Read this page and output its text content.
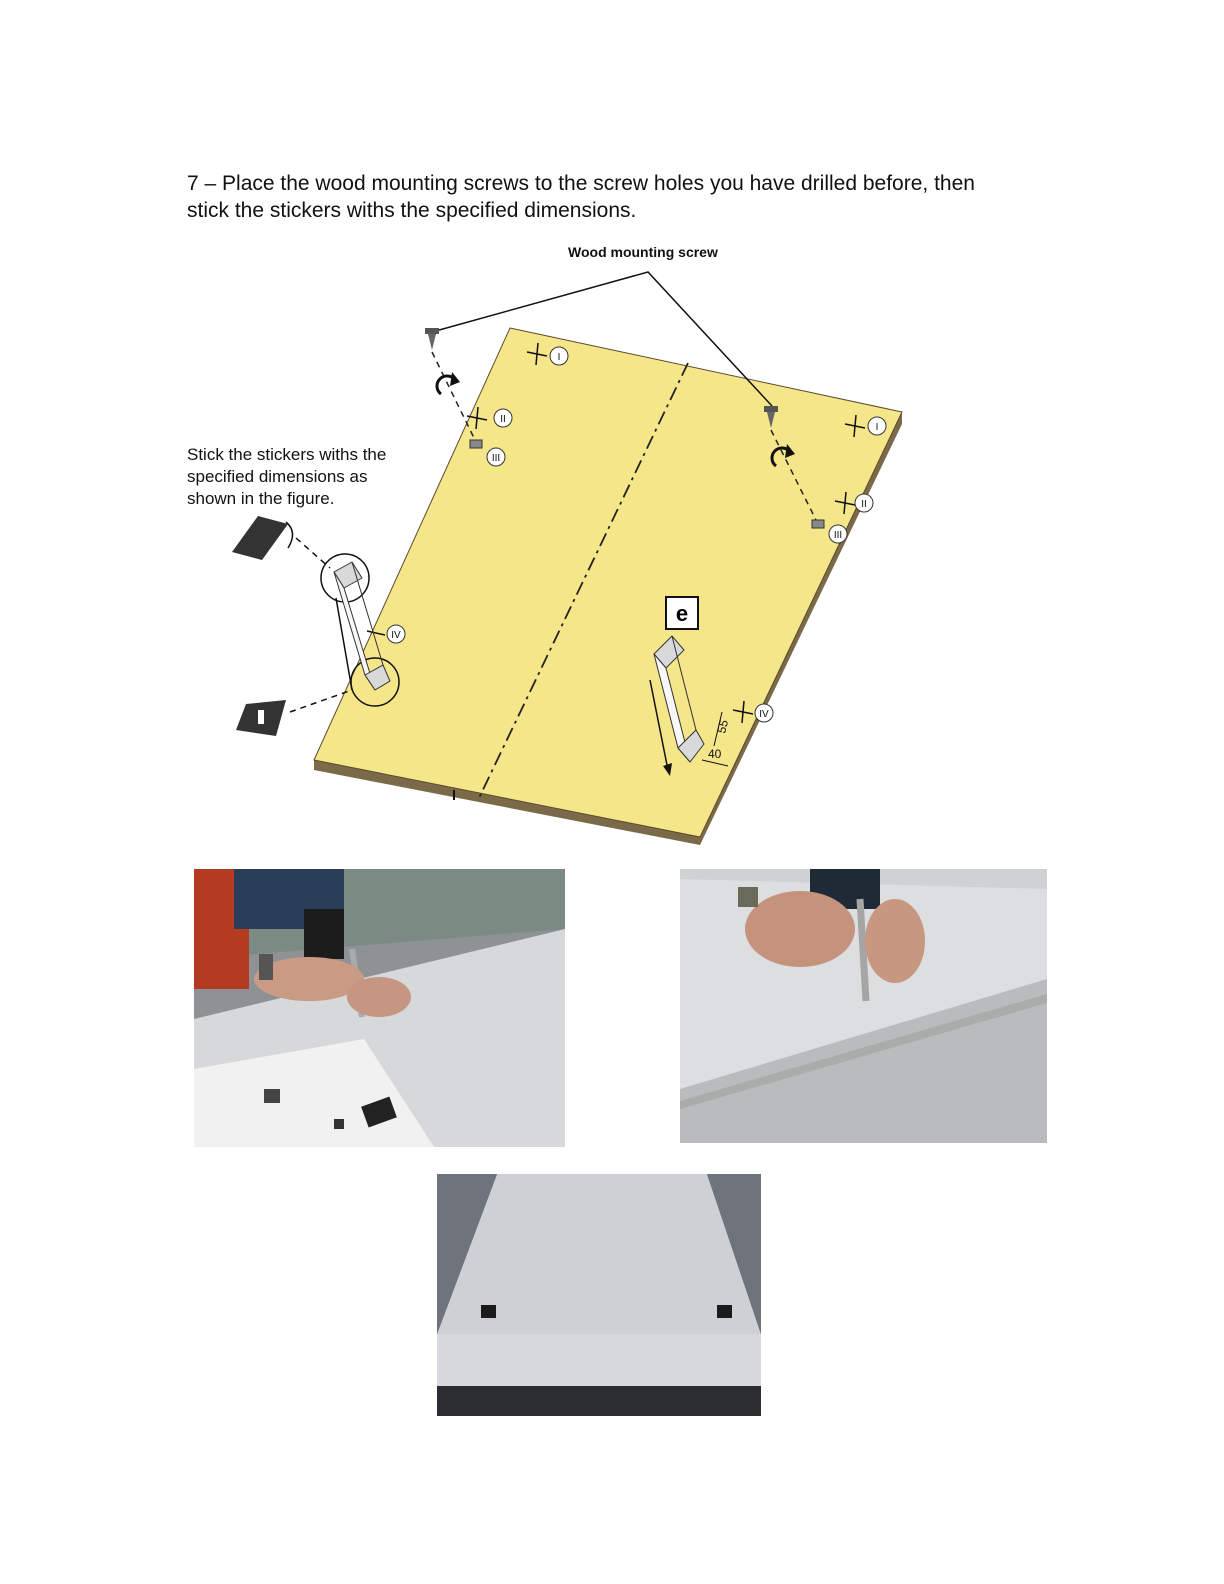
7 – Place the wood mounting screws to the screw holes you have drilled before, then
stick the stickers withs the specified dimensions.

Wood mounting screw
I
II
III
I
II
III
IV
IV
e
55
40
Stick the stickers withs the
specified dimensions as
shown in the figure.
